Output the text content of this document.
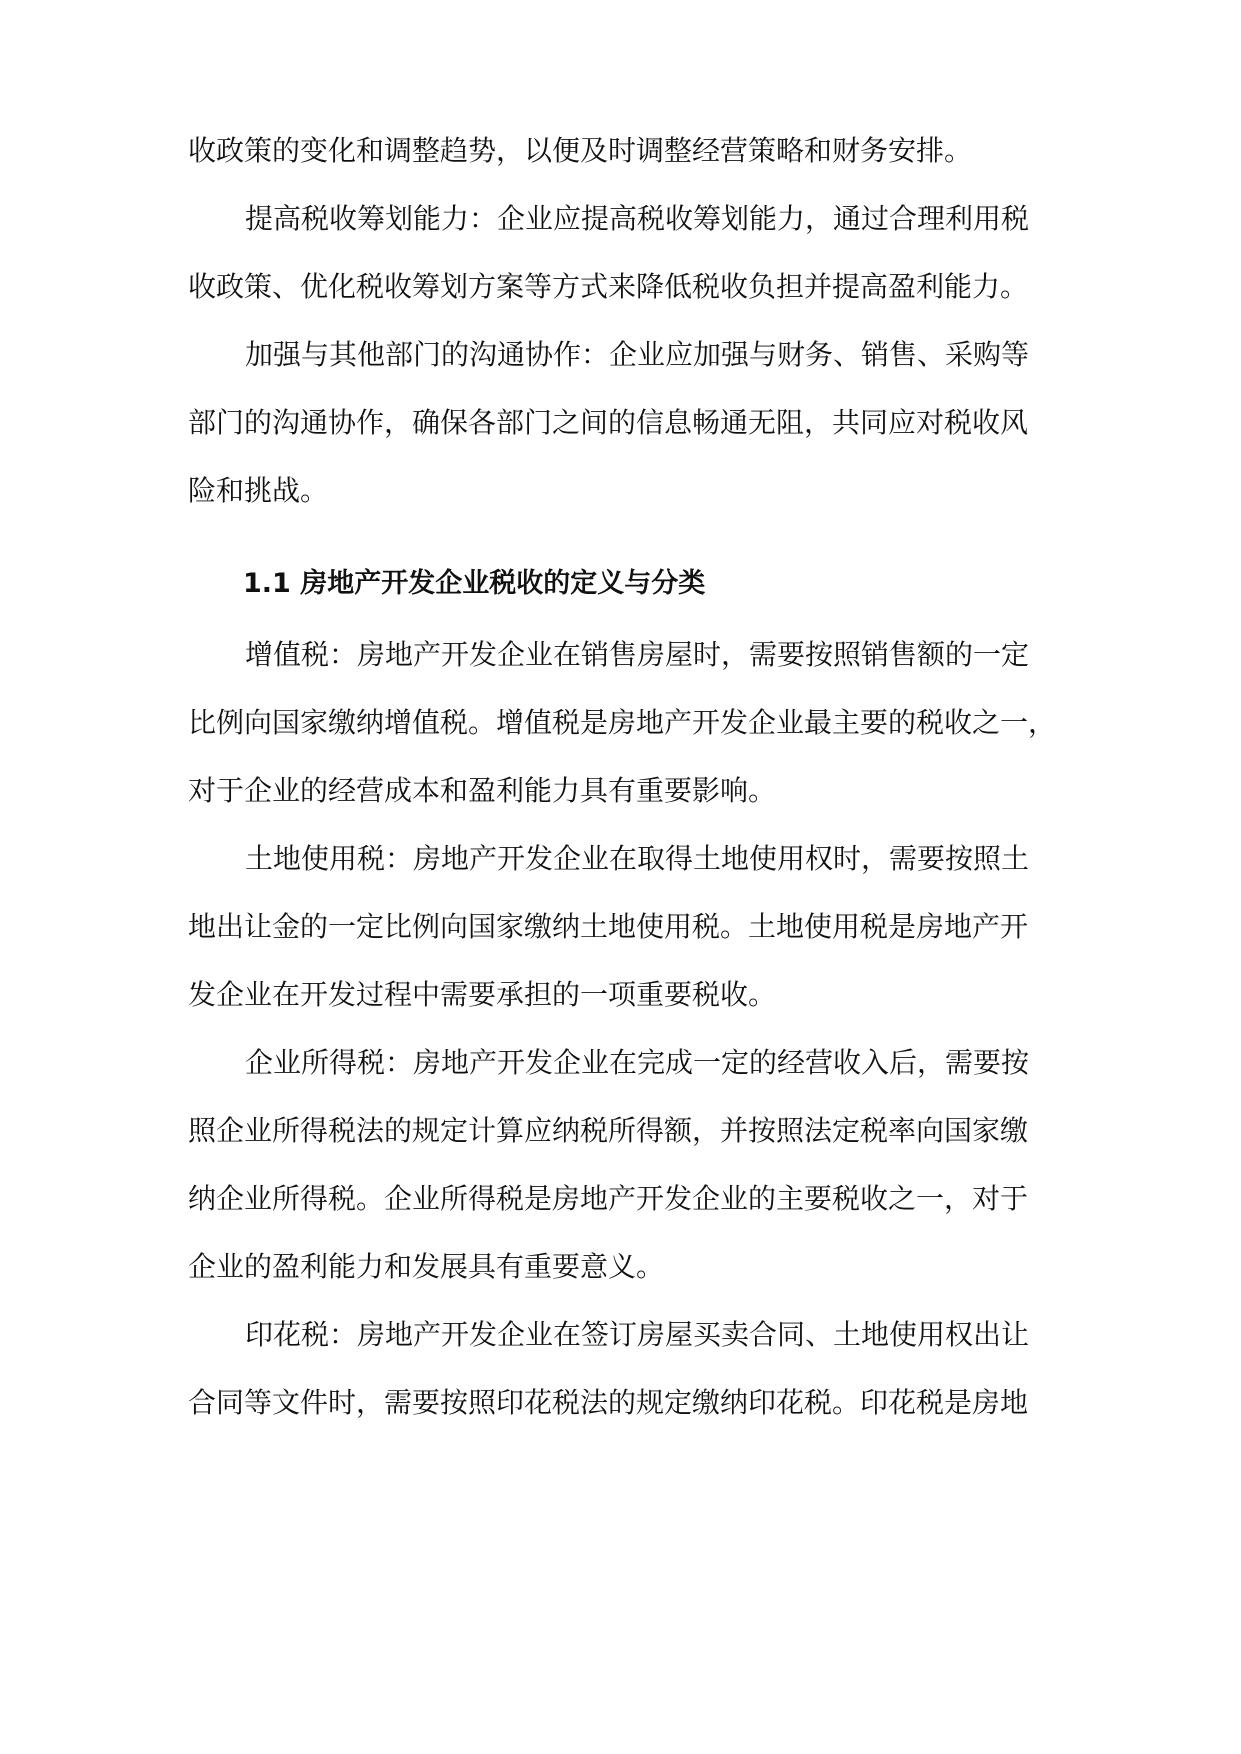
收政策的变化和调整趋势，以便及时调整经营策略和财务安排。
提高税收筹划能力：企业应提高税收筹划能力，通过合理利用税
收政策、优化税收筹划方案等方式来降低税收负担并提高盈利能力。
加强与其他部门的沟通协作：企业应加强与财务、销售、采购等
部门的沟通协作，确保各部门之间的信息畅通无阻，共同应对税收风
险和挑战。
1.1 房地产开发企业税收的定义与分类
增值税：房地产开发企业在销售房屋时，需要按照销售额的一定
比例向国家缴纳增值税。增值税是房地产开发企业最主要的税收之一，
对于企业的经营成本和盈利能力具有重要影响。
土地使用税：房地产开发企业在取得土地使用权时，需要按照土
地出让金的一定比例向国家缴纳土地使用税。土地使用税是房地产开
发企业在开发过程中需要承担的一项重要税收。
企业所得税：房地产开发企业在完成一定的经营收入后，需要按
照企业所得税法的规定计算应纳税所得额，并按照法定税率向国家缴
纳企业所得税。企业所得税是房地产开发企业的主要税收之一，对于
企业的盈利能力和发展具有重要意义。
印花税：房地产开发企业在签订房屋买卖合同、土地使用权出让
合同等文件时，需要按照印花税法的规定缴纳印花税。印花税是房地
